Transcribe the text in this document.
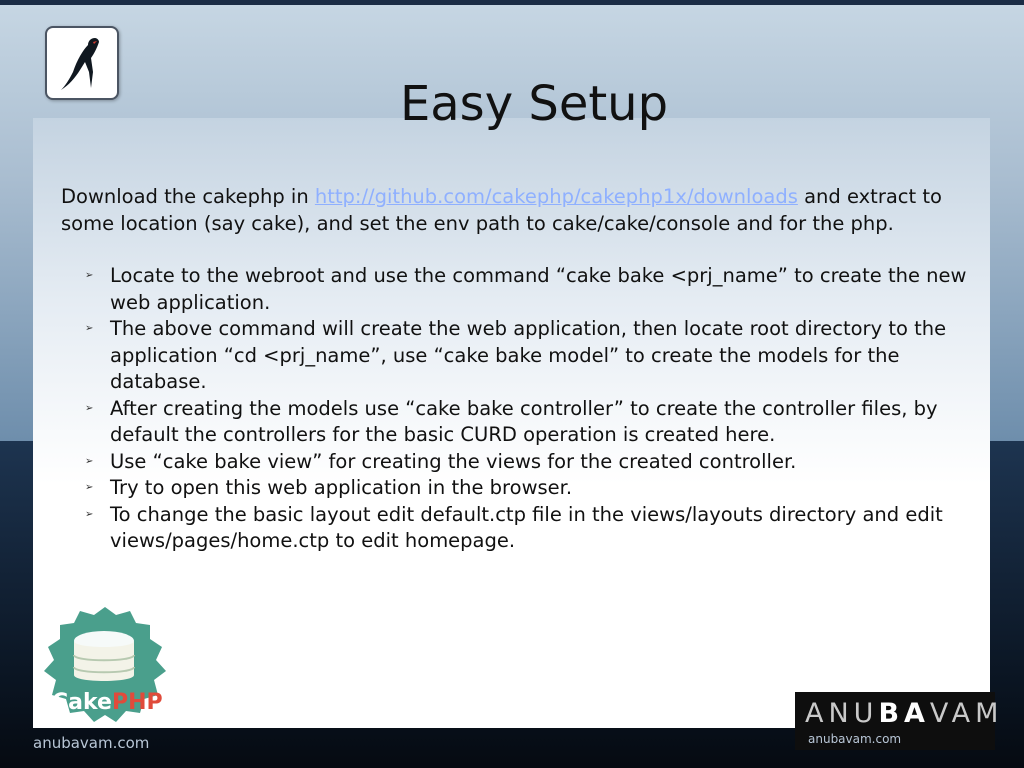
Easy Setup

Download the cakephp in http://github.com/cakephp/cakephp1x/downloads and extract to some location (say cake), and set the env path to cake/cake/console and for the php.

➢ Locate to the webroot and use the command “cake bake <prj_name” to create the new web application.
➢ The above command will create the web application, then locate root directory to the application “cd <prj_name”, use “cake bake model” to create the models for the database.
➢ After creating the models use “cake bake controller” to create the controller files, by default the controllers for the basic CURD operation is created here.
➢ Use “cake bake view” for creating the views for the created controller.
➢ Try to open this web application in the browser.
➢ To change the basic layout edit default.ctp file in the views/layouts directory and edit views/pages/home.ctp to edit homepage.
Cake PHP
anubavam.com
ANUBAVAM
anubavam.com
